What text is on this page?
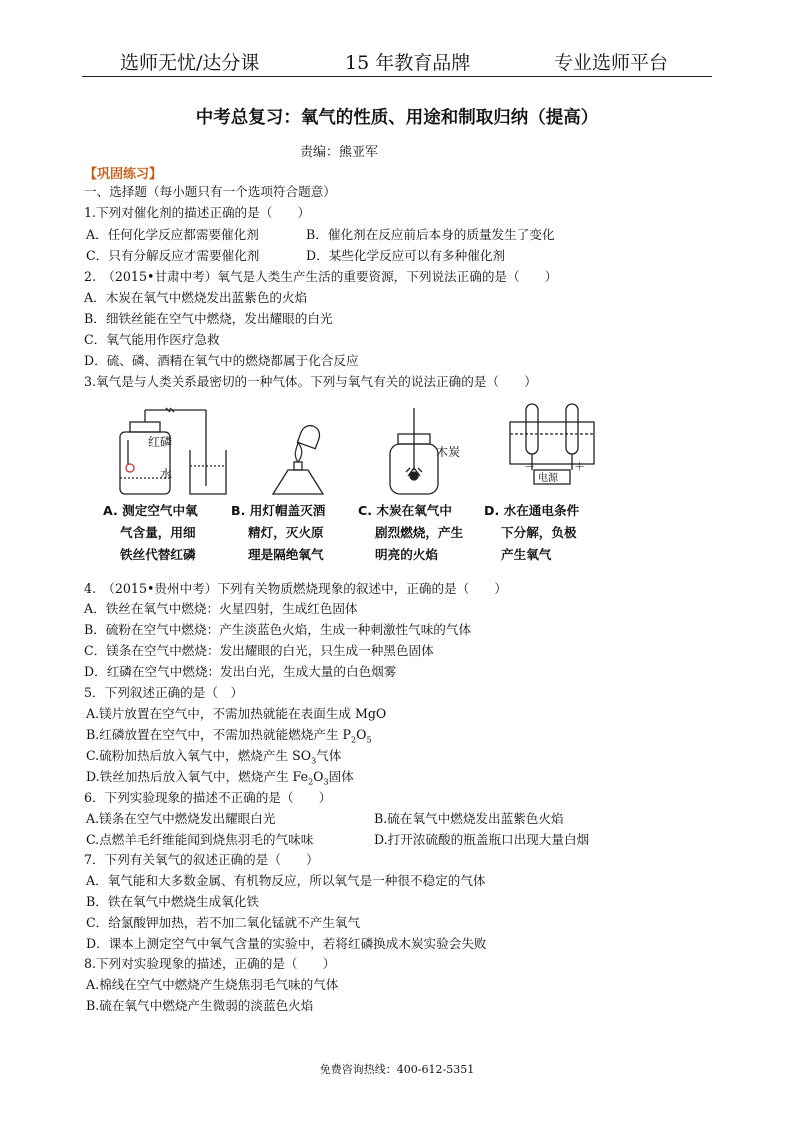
选师无忧/达分课	15 年教育品牌	专业选师平台
中考总复习：氧气的性质、用途和制取归纳（提高）
责编：熊亚军
【巩固练习】
一、选择题（每小题只有一个选项符合题意）
1.下列对催化剂的描述正确的是（　　）
A．任何化学反应都需要催化剂	B．催化剂在反应前后本身的质量发生了变化
C．只有分解反应才需要催化剂	D．某些化学反应可以有多种催化剂
2.　（2015•甘肃中考）氧气是人类生产生活的重要资源，下列说法正确的是（　　）
A．木炭在氧气中燃烧发出蓝紫色的火焰
B．细铁丝能在空气中燃烧，发出耀眼的白光
C．氧气能用作医疗急救
D．硫、磷、酒精在氧气中的燃烧都属于化合反应
3.氧气是与人类关系最密切的一种气体。下列与氧气有关的说法正确的是（　　）
红磷
水
木炭
－	＋
电源
A. 测定空气中氧
气含量，用细
铁丝代替红磷
B. 用灯帽盖灭酒
精灯，灭火原
理是隔绝氧气
C. 木炭在氧气中
剧烈燃烧，产生
明亮的火焰
D. 水在通电条件
下分解，负极
产生氧气
4.　（2015•贵州中考）下列有关物质燃烧现象的叙述中，正确的是（　　）
A．铁丝在氧气中燃烧：火星四射，生成红色固体
B．硫粉在空气中燃烧：产生淡蓝色火焰，生成一种刺激性气味的气体
C．镁条在空气中燃烧：发出耀眼的白光，只生成一种黑色固体
D．红磷在空气中燃烧：发出白光，生成大量的白色烟雾
5．下列叙述正确的是（　）
A.镁片放置在空气中，不需加热就能在表面生成 MgO
B.红磷放置在空气中，不需加热就能燃烧产生 $P_2O_5$
C.硫粉加热后放入氧气中，燃烧产生 $SO_3$气体
D.铁丝加热后放入氧气中，燃烧产生 $Fe_2O_3$固体
6．下列实验现象的描述不正确的是（　　）
A.镁条在空气中燃烧发出耀眼白光	B.硫在氧气中燃烧发出蓝紫色火焰
C.点燃羊毛纤维能闻到烧焦羽毛的气味味	D.打开浓硫酸的瓶盖瓶口出现大量白烟
7．下列有关氧气的叙述正确的是（　　）
A．氧气能和大多数金属、有机物反应，所以氧气是一种很不稳定的气体
B．铁在氧气中燃烧生成氧化铁
C．给氯酸钾加热，若不加二氧化锰就不产生氧气
D．课本上测定空气中氧气含量的实验中，若将红磷换成木炭实验会失败
8.下列对实验现象的描述，正确的是（　　）
A.棉线在空气中燃烧产生烧焦羽毛气味的气体
B.硫在氧气中燃烧产生微弱的淡蓝色火焰
免费咨询热线：400-612-5351
